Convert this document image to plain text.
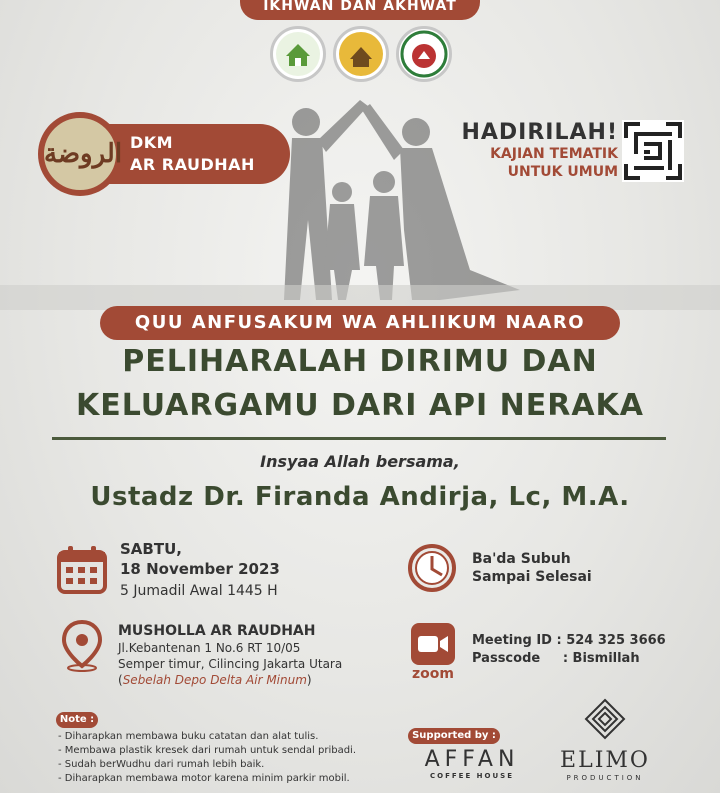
IKHWAN DAN AKHWAT
الروضة DKM
AR RAUDHAH
HADIRILAH!
KAJIAN TEMATIK
UNTUK UMUM
QUU ANFUSAKUM WA AHLIIKUM NAARO
PELIHARALAH DIRIMU DAN
KELUARGAMU DARI API NERAKA
Insyaa Allah bersama,
Ustadz Dr. Firanda Andirja, Lc, M.A.
SABTU,
18 November 2023
5 Jumadil Awal 1445 H
Ba'da Subuh
Sampai Selesai
MUSHOLLA AR RAUDHAH
Jl.Kebantenan 1 No.6 RT 10/05
Semper timur, Cilincing Jakarta Utara
(Sebelah Depo Delta Air Minum)	zoom
Meeting ID : 524 325 3666
Passcode     : Bismillah
Note :
- Diharapkan membawa buku catatan dan alat tulis.
- Membawa plastik kresek dari rumah untuk sendal pribadi.
- Sudah berWudhu dari rumah lebih baik.
- Diharapkan membawa motor karena minim parkir mobil.
Supported by :
AFFAN
COFFEE HOUSE
ELIMO
PRODUCTION
